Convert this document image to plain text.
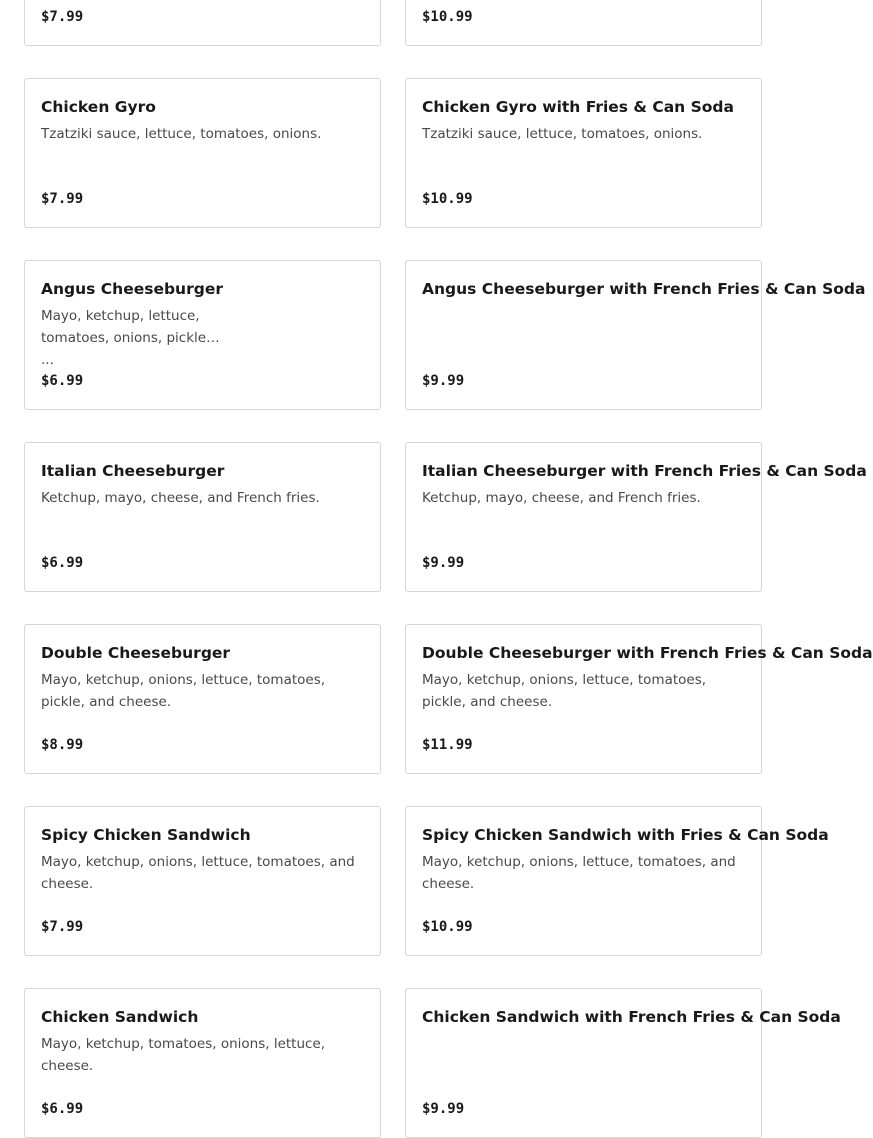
$7.99	$10.99
Chicken Gyro
Tzatziki sauce, lettuce, tomatoes, onions.
$7.99
Chicken Gyro with Fries & Can Soda
Tzatziki sauce, lettuce, tomatoes, onions.
$10.99
Angus Cheeseburger
Mayo, ketchup, lettuce, tomatoes, onions, pickle ...
$6.99
Angus Cheeseburger with French Fries & Can Soda
$9.99
Italian Cheeseburger
Ketchup, mayo, cheese, and French fries.
$6.99
Italian Cheeseburger with French Fries & Can Soda
Ketchup, mayo, cheese, and French fries.
$9.99
Double Cheeseburger
Mayo, ketchup, onions, lettuce, tomatoes, pickle, and cheese.
$8.99
Double Cheeseburger with French Fries & Can Soda
Mayo, ketchup, onions, lettuce, tomatoes, pickle, and cheese.
$11.99
Spicy Chicken Sandwich
Mayo, ketchup, onions, lettuce, tomatoes, and cheese.
$7.99
Spicy Chicken Sandwich with Fries & Can Soda
Mayo, ketchup, onions, lettuce, tomatoes, and cheese.
$10.99
Chicken Sandwich
Mayo, ketchup, tomatoes, onions, lettuce, cheese.
$6.99
Chicken Sandwich with French Fries & Can Soda
$9.99
